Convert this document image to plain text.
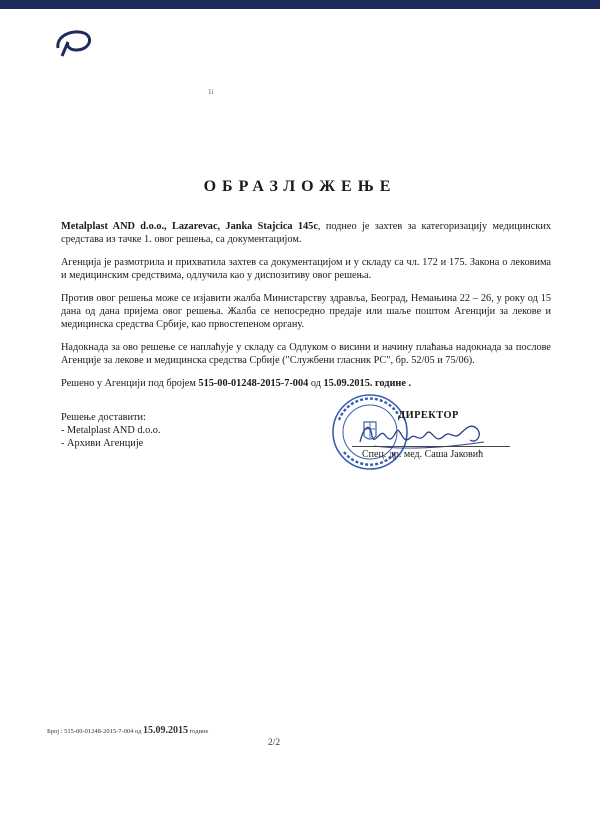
1i
ОБРАЗЛОЖЕЊЕ
Metalplast AND d.o.o., Lazarevac, Janka Stajcica 145c, поднео је захтев за категоризацију медицинских средстава из тачке 1. овог решења, са документацијом.
Агенција је размотрила и прихватила захтев са документацијом и у складу са чл. 172 и 175. Закона о лековима и медицинским средствима, одлучила као у диспозитиву овог решења.
Против овог решења може се изјавити жалба Министарству здравља, Београд, Немањина 22 – 26, у року од 15 дана од дана пријема овог решења. Жалба се непосредно предаје или шаље поштом Агенцији за лекове и медицинска средства Србије, као првостепеном органу.
Надокнада за ово решење се наплаћује у складу са Одлуком о висини и начину плаћања надокнада за послове Агенције за лекове и медицинска средства Србије ("Службени гласник РС", бр. 52/05 и 75/06).
Решено у Агенцији под бројем 515-00-01248-2015-7-004 од 15.09.2015. године .
Решење доставити:
- Metalplast AND d.o.o.
- Архиви Агенције
ДИРЕКТОР
Спец. др. мед. Саша Јаковић
Број : 515-00-01248-2015-7-004 од 15.09.2015 године
2/2
